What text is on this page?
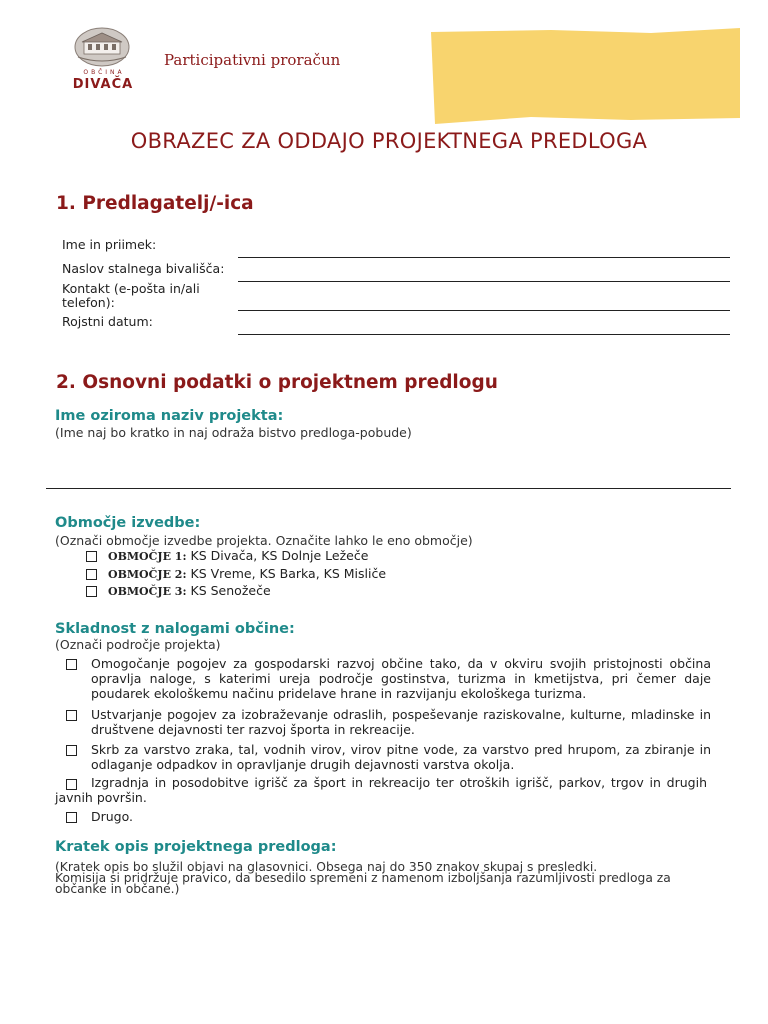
OBČINA
DIVAČA
Participativni proračun
OBRAZEC ZA ODDAJO PROJEKTNEGA PREDLOGA
1. Predlagatelj/-ica
Ime in priimek:
Naslov stalnega bivališča:
Kontakt (e-pošta in/ali telefon):
Rojstni datum:
2. Osnovni podatki o projektnem predlogu
Ime oziroma naziv projekta:
(Ime naj bo kratko in naj odraža bistvo predloga-pobude)
Območje izvedbe:
(Označi območje izvedbe projekta. Označite lahko le eno območje)
OBMOČJE 1: KS Divača, KS Dolnje Ležeče
OBMOČJE 2: KS Vreme, KS Barka, KS Misliče
OBMOČJE 3: KS Senožeče
Skladnost z nalogami občine:
(Označi področje projekta)
Omogočanje pogojev za gospodarski razvoj občine tako, da v okviru svojih pristojnosti občina opravlja naloge, s katerimi ureja področje gostinstva, turizma in kmetijstva, pri čemer daje poudarek ekološkemu načinu pridelave hrane in razvijanju ekološkega turizma.
Ustvarjanje pogojev za izobraževanje odraslih, pospeševanje raziskovalne, kulturne, mladinske in društvene dejavnosti ter razvoj športa in rekreacije.
Skrb za varstvo zraka, tal, vodnih virov, virov pitne vode, za varstvo pred hrupom, za zbiranje in odlaganje odpadkov in opravljanje drugih dejavnosti varstva okolja.
Izgradnja in posodobitve igrišč za šport in rekreacijo ter otroških igrišč, parkov, trgov in drugih javnih površin.
Drugo.
Kratek opis projektnega predloga:
(Kratek opis bo služil objavi na glasovnici. Obsega naj do 350 znakov skupaj s presledki.
Komisija si pridržuje pravico, da besedilo spremeni z namenom izboljšanja razumljivosti predloga za
občanke in občane.)
